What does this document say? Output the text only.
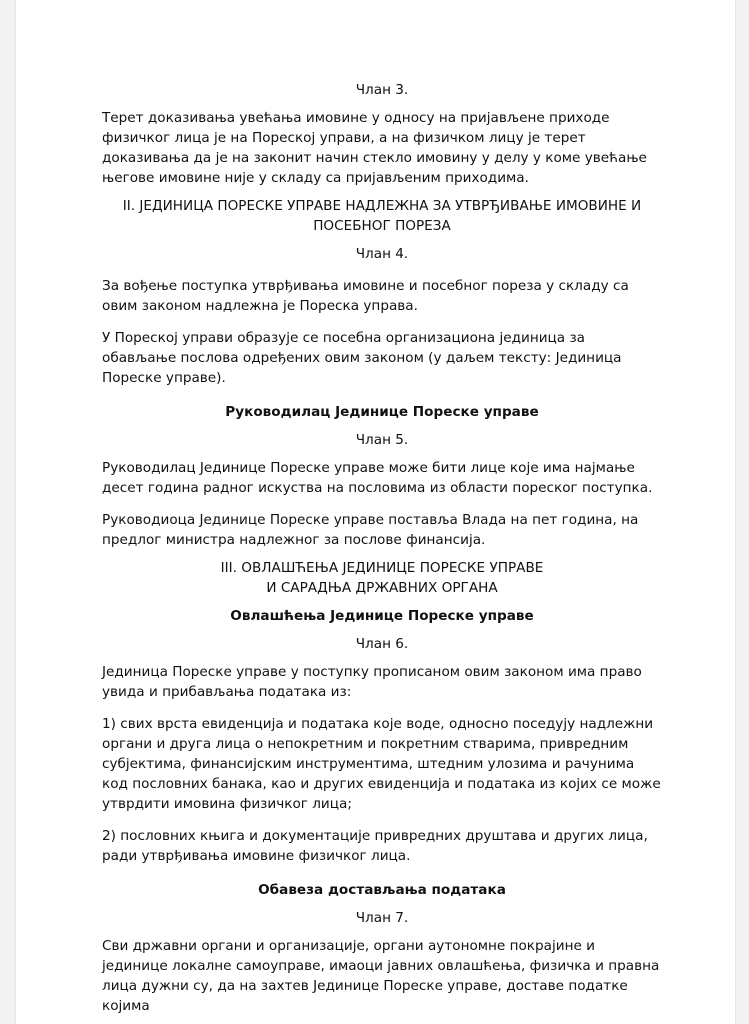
Члан 3.

Терет доказивања увећања имовине у односу на пријављене приходе физичког лица је на Пореској управи, а на физичком лицу је терет доказивања да је на законит начин стекло имовину у делу у коме увећање његове имовине није у складу са пријављеним приходима.

II. ЈЕДИНИЦА ПОРЕСКЕ УПРАВЕ НАДЛЕЖНА ЗА УТВРЂИВАЊЕ ИМОВИНЕ И

ПОСЕБНОГ ПОРЕЗА

Члан 4.

За вођење поступка утврђивања имовине и посебног пореза у складу са овим законом надлежна је Пореска управа.

У Пореској управи образује се посебна организациона јединица за обављање послова одређених овим законом (у даљем тексту: Јединица Пореске управе).

Руководилац Јединице Пореске управе

Члан 5.

Руководилац Јединице Пореске управе може бити лице које има најмање десет година радног искуства на пословима из области пореског поступка.

Руководиоца Јединице Пореске управе поставља Влада на пет година, на предлог министра надлежног за послове финансија.

III. ОВЛАШЋЕЊА ЈЕДИНИЦЕ ПОРЕСКЕ УПРАВЕ

И САРАДЊА ДРЖАВНИХ ОРГАНА

Овлашћења Јединице Пореске управе

Члан 6.

Јединица Пореске управе у поступку прописаном овим законом има право увида и прибављања података из:

1) свих врста евиденција и података које воде, односно поседују надлежни органи и друга лица о непокретним и покретним стварима, привредним субјектима, финансијским инструментима, штедним улозима и рачунима код пословних банака, као и других евиденција и података из којих се може утврдити имовина физичког лица;

2) пословних књига и документације привредних друштава и других лица, ради утврђивања имовине физичког лица.

Обавеза достављања података

Члан 7.

Сви државни органи и организације, органи аутономне покрајине и јединице локалне самоуправе, имаоци јавних овлашћења, физичка и правна лица дужни су, да на захтев Јединице Пореске управе, доставе податке којима
